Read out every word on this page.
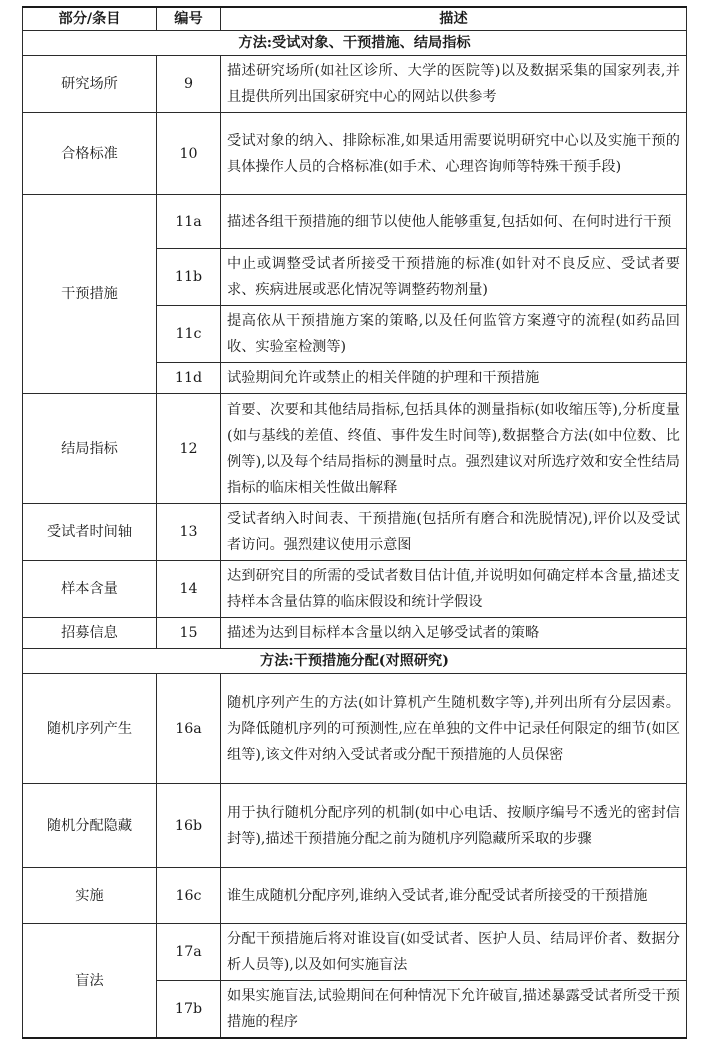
部分/条目	编号	描述
方法:受试对象、干预措施、结局指标		
研究场所	9	描述研究场所(如社区诊所、大学的医院等)以及数据采集的国家列表,并且提供所列出国家研究中心的网站以供参考
合格标准	10	受试对象的纳入、排除标准,如果适用需要说明研究中心以及实施干预的具体操作人员的合格标准(如手术、心理咨询师等特殊干预手段)
干预措施	11a	描述各组干预措施的细节以使他人能够重复,包括如何、在何时进行干预
	11b	中止或调整受试者所接受干预措施的标准(如针对不良反应、受试者要求、疾病进展或恶化情况等调整药物剂量)
	11c	提高依从干预措施方案的策略,以及任何监管方案遵守的流程(如药品回收、实验室检测等)
	11d	试验期间允许或禁止的相关伴随的护理和干预措施
结局指标	12	首要、次要和其他结局指标,包括具体的测量指标(如收缩压等),分析度量(如与基线的差值、终值、事件发生时间等),数据整合方法(如中位数、比例等),以及每个结局指标的测量时点。强烈建议对所选疗效和安全性结局指标的临床相关性做出解释
受试者时间轴	13	受试者纳入时间表、干预措施(包括所有磨合和洗脱情况),评价以及受试者访问。强烈建议使用示意图
样本含量	14	达到研究目的所需的受试者数目估计值,并说明如何确定样本含量,描述支持样本含量估算的临床假设和统计学假设
招募信息	15	描述为达到目标样本含量以纳入足够受试者的策略
方法:干预措施分配(对照研究)		
随机序列产生	16a	随机序列产生的方法(如计算机产生随机数字等),并列出所有分层因素。为降低随机序列的可预测性,应在单独的文件中记录任何限定的细节(如区组等),该文件对纳入受试者或分配干预措施的人员保密
随机分配隐藏	16b	用于执行随机分配序列的机制(如中心电话、按顺序编号不透光的密封信封等),描述干预措施分配之前为随机序列隐藏所采取的步骤
实施	16c	谁生成随机分配序列,谁纳入受试者,谁分配受试者所接受的干预措施
盲法	17a	分配干预措施后将对谁设盲(如受试者、医护人员、结局评价者、数据分析人员等),以及如何实施盲法
	17b	如果实施盲法,试验期间在何种情况下允许破盲,描述暴露受试者所受干预措施的程序
